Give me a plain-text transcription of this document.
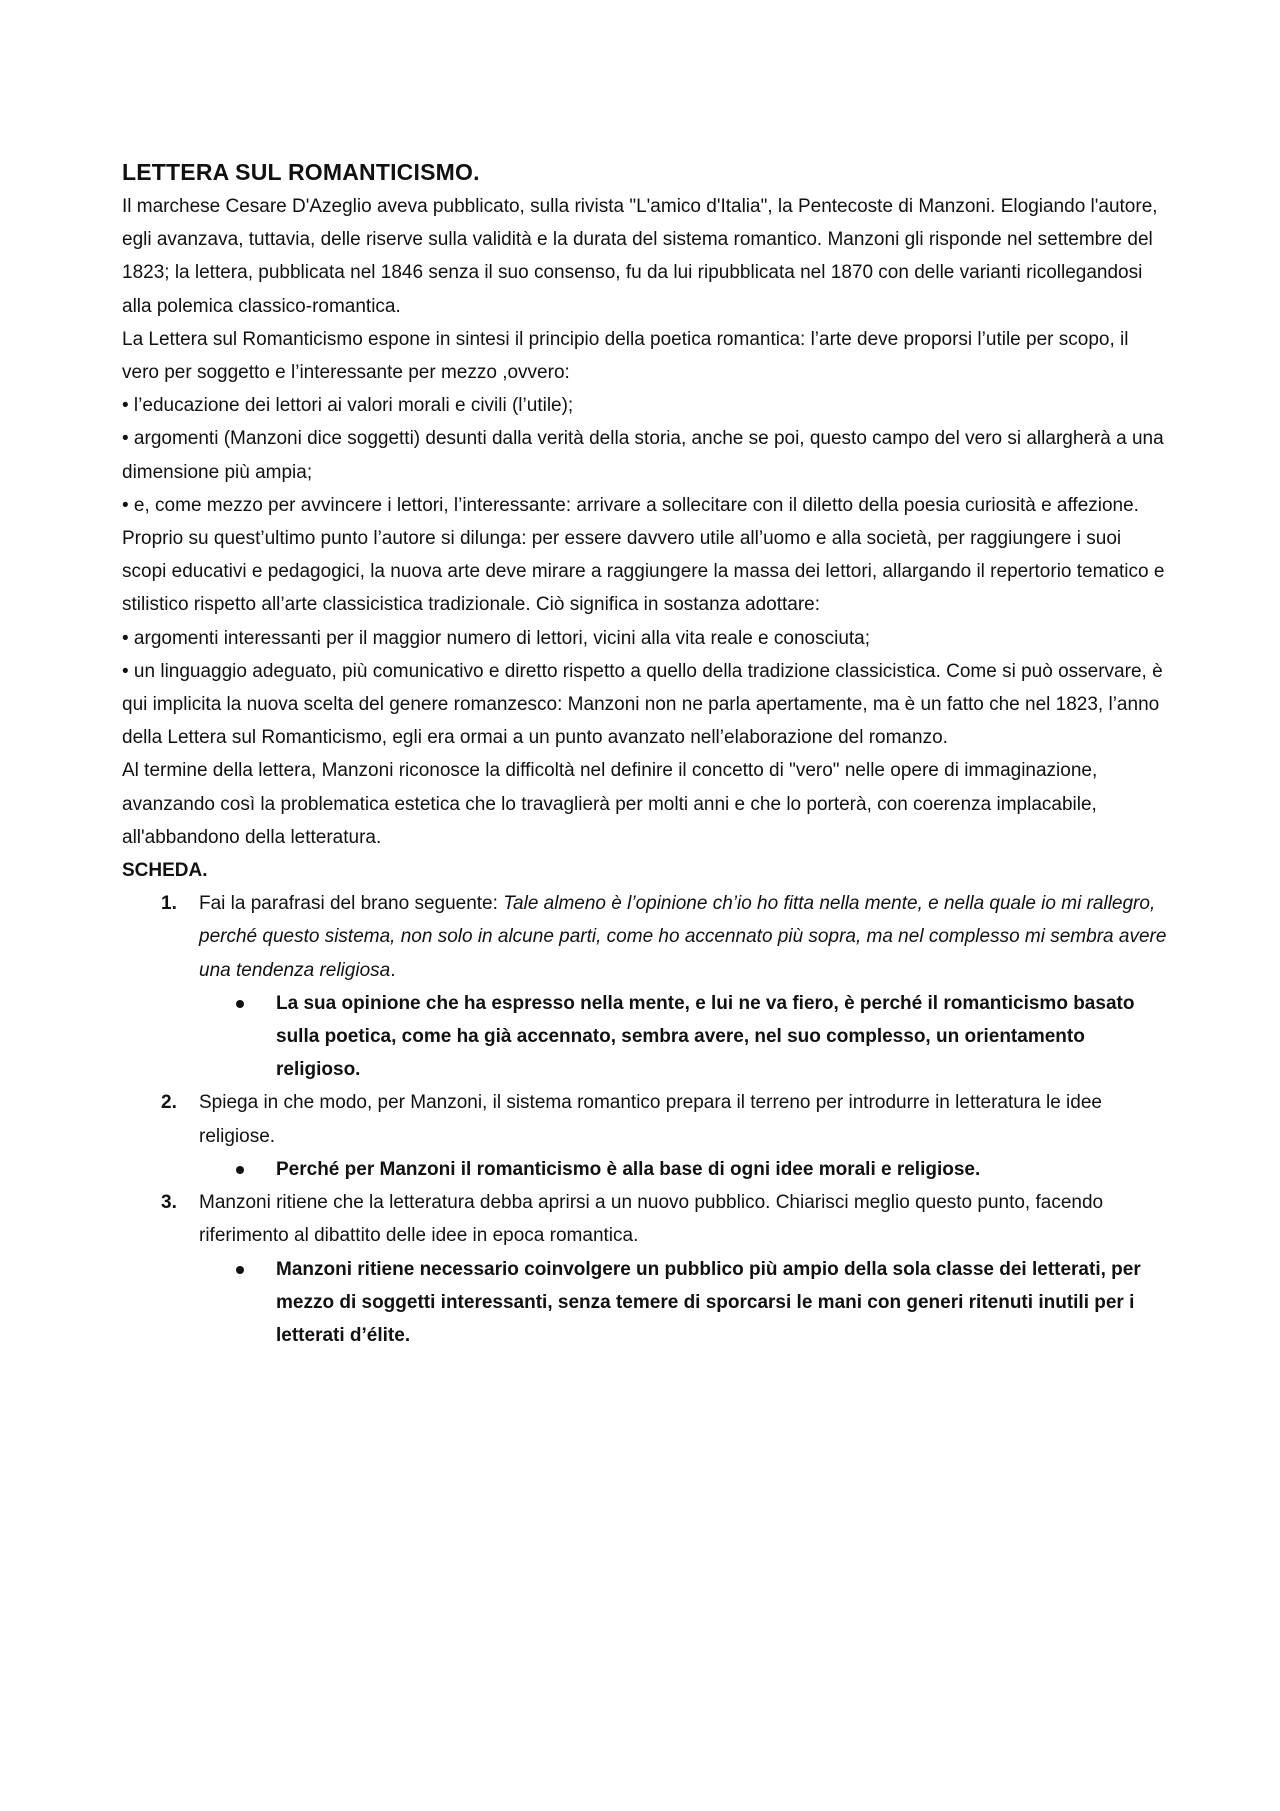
LETTERA SUL ROMANTICISMO.

Il marchese Cesare D'Azeglio aveva pubblicato, sulla rivista "L'amico d'Italia", la Pentecoste di Manzoni. Elogiando l'autore, egli avanzava, tuttavia, delle riserve sulla validità e la durata del sistema romantico. Manzoni gli risponde nel settembre del 1823; la lettera, pubblicata nel 1846 senza il suo consenso, fu da lui ripubblicata nel 1870 con delle varianti ricollegandosi alla polemica classico-romantica.

La Lettera sul Romanticismo espone in sintesi il principio della poetica romantica: l’arte deve proporsi l’utile per scopo, il vero per soggetto e l’interessante per mezzo ,ovvero:

• l’educazione dei lettori ai valori morali e civili (l’utile);

• argomenti (Manzoni dice soggetti) desunti dalla verità della storia, anche se poi, questo campo del vero si allargherà a una dimensione più ampia;

• e, come mezzo per avvincere i lettori, l’interessante: arrivare a sollecitare con il diletto della poesia curiosità e affezione.

Proprio su quest’ultimo punto l’autore si dilunga: per essere davvero utile all’uomo e alla società, per raggiungere i suoi scopi educativi e pedagogici, la nuova arte deve mirare a raggiungere la massa dei lettori, allargando il repertorio tematico e stilistico rispetto all’arte classicistica tradizionale. Ciò significa in sostanza adottare:

• argomenti interessanti per il maggior numero di lettori, vicini alla vita reale e conosciuta;

• un linguaggio adeguato, più comunicativo e diretto rispetto a quello della tradizione classicistica. Come si può osservare, è qui implicita la nuova scelta del genere romanzesco: Manzoni non ne parla apertamente, ma è un fatto che nel 1823, l’anno della Lettera sul Romanticismo, egli era ormai a un punto avanzato nell’elaborazione del romanzo.

Al termine della lettera, Manzoni riconosce la difficoltà nel definire il concetto di "vero" nelle opere di immaginazione, avanzando così la problematica estetica che lo travaglierà per molti anni e che lo porterà, con coerenza implacabile, all'abbandono della letteratura.

SCHEDA.

1. Fai la parafrasi del brano seguente: Tale almeno è l’opinione ch’io ho fitta nella mente, e nella quale io mi rallegro, perché questo sistema, non solo in alcune parti, come ho accennato più sopra, ma nel complesso mi sembra avere una tendenza religiosa.
La sua opinione che ha espresso nella mente, e lui ne va fiero, è perché il romanticismo basato sulla poetica, come ha già accennato, sembra avere, nel suo complesso, un orientamento religioso.
2. Spiega in che modo, per Manzoni, il sistema romantico prepara il terreno per introdurre in letteratura le idee religiose.
Perché per Manzoni il romanticismo è alla base di ogni idee morali e religiose.
3. Manzoni ritiene che la letteratura debba aprirsi a un nuovo pubblico. Chiarisci meglio questo punto, facendo riferimento al dibattito delle idee in epoca romantica.
Manzoni ritiene necessario coinvolgere un pubblico più ampio della sola classe dei letterati, per mezzo di soggetti interessanti, senza temere di sporcarsi le mani con generi ritenuti inutili per i letterati d’élite.
